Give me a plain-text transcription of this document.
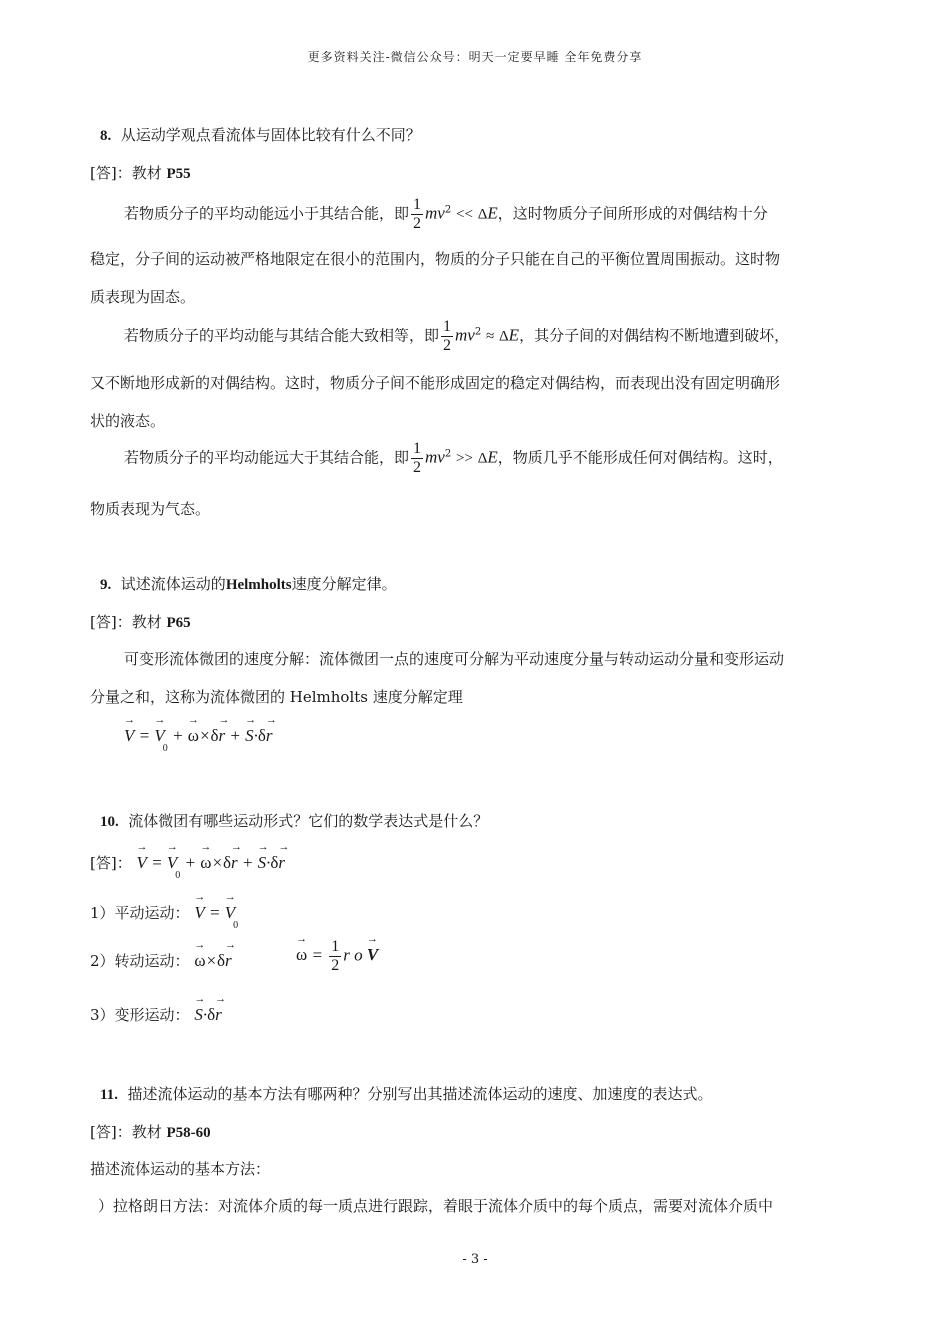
更多资料关注-微信公众号：明天一定要早睡 全年免费分享
8. 从运动学观点看流体与固体比较有什么不同？
[答]：教材 P55
若物质分子的平均动能远小于其结合能，即 $\frac{1}{2} mv^2 << \Delta E$，这时物质分子间所形成的对偶结构十分
稳定，分子间的运动被严格地限定在很小的范围内，物质的分子只能在自己的平衡位置周围振动。这时物
质表现为固态。
若物质分子的平均动能与其结合能大致相等，即 $\frac{1}{2} mv^2 \approx \Delta E$，其分子间的对偶结构不断地遭到破坏，
又不断地形成新的对偶结构。这时，物质分子间不能形成固定的稳定对偶结构，而表现出没有固定明确形
状的液态。
若物质分子的平均动能远大于其结合能，即 $\frac{1}{2} mv^2 >> \Delta E$，物质几乎不能形成任何对偶结构。这时，
物质表现为气态。
9. 试述流体运动的Helmholts速度分解定律。
[答]：教材 P65
可变形流体微团的速度分解：流体微团一点的速度可分解为平动速度分量与转动运动分量和变形运动
分量之和，这称为流体微团的 Helmholts 速度分解定理
→ V = → $V_0$ + → ω×δ→ r + → S·δ→ r
10. 流体微团有哪些运动形式？它们的数学表达式是什么？
[答]： → V = → $V_0$ + → ω×δ→ r + → S·δ→ r
1）平动运动： → V = → $V_0$
2）转动运动： → ω×δ→ r	→ $\omega = \frac{1}{2}$ r o → V
3）变形运动： → S·δ→ r
11. 描述流体运动的基本方法有哪两种？分别写出其描述流体运动的速度、加速度的表达式。
[答]：教材 P58-60
描述流体运动的基本方法：
）拉格朗日方法：对流体介质的每一质点进行跟踪，着眼于流体介质中的每个质点，需要对流体介质中
- 3 -
